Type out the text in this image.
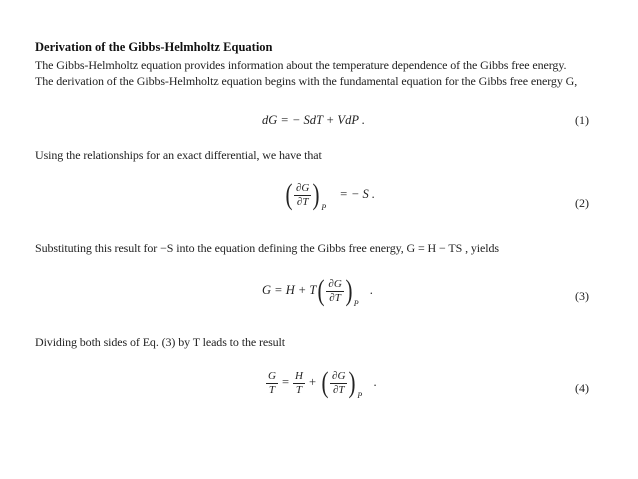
Derivation of the Gibbs-Helmholtz Equation
The Gibbs-Helmholtz equation provides information about the temperature dependence of the Gibbs free energy.
The derivation of the Gibbs-Helmholtz equation begins with the fundamental equation for the Gibbs free energy G,
dG = − SdT + VdP .	(1)
Using the relationships for an exact differential, we have that
( $\frac{\partial G}{\partial T}$ ) $_P$ = − S .
(2)
Substituting this result for −S into the equation defining the Gibbs free energy, G = H − TS , yields
$G = H + T( \frac{\partial G}{\partial T}$ ) $_P$ .	(3)
Dividing both sides of Eq. (3) by T leads to the result
$\frac{G}{T} = \frac{H}{T}$ + ( $\frac{\partial G}{\partial T}$ ) $_P$ .	(4)
